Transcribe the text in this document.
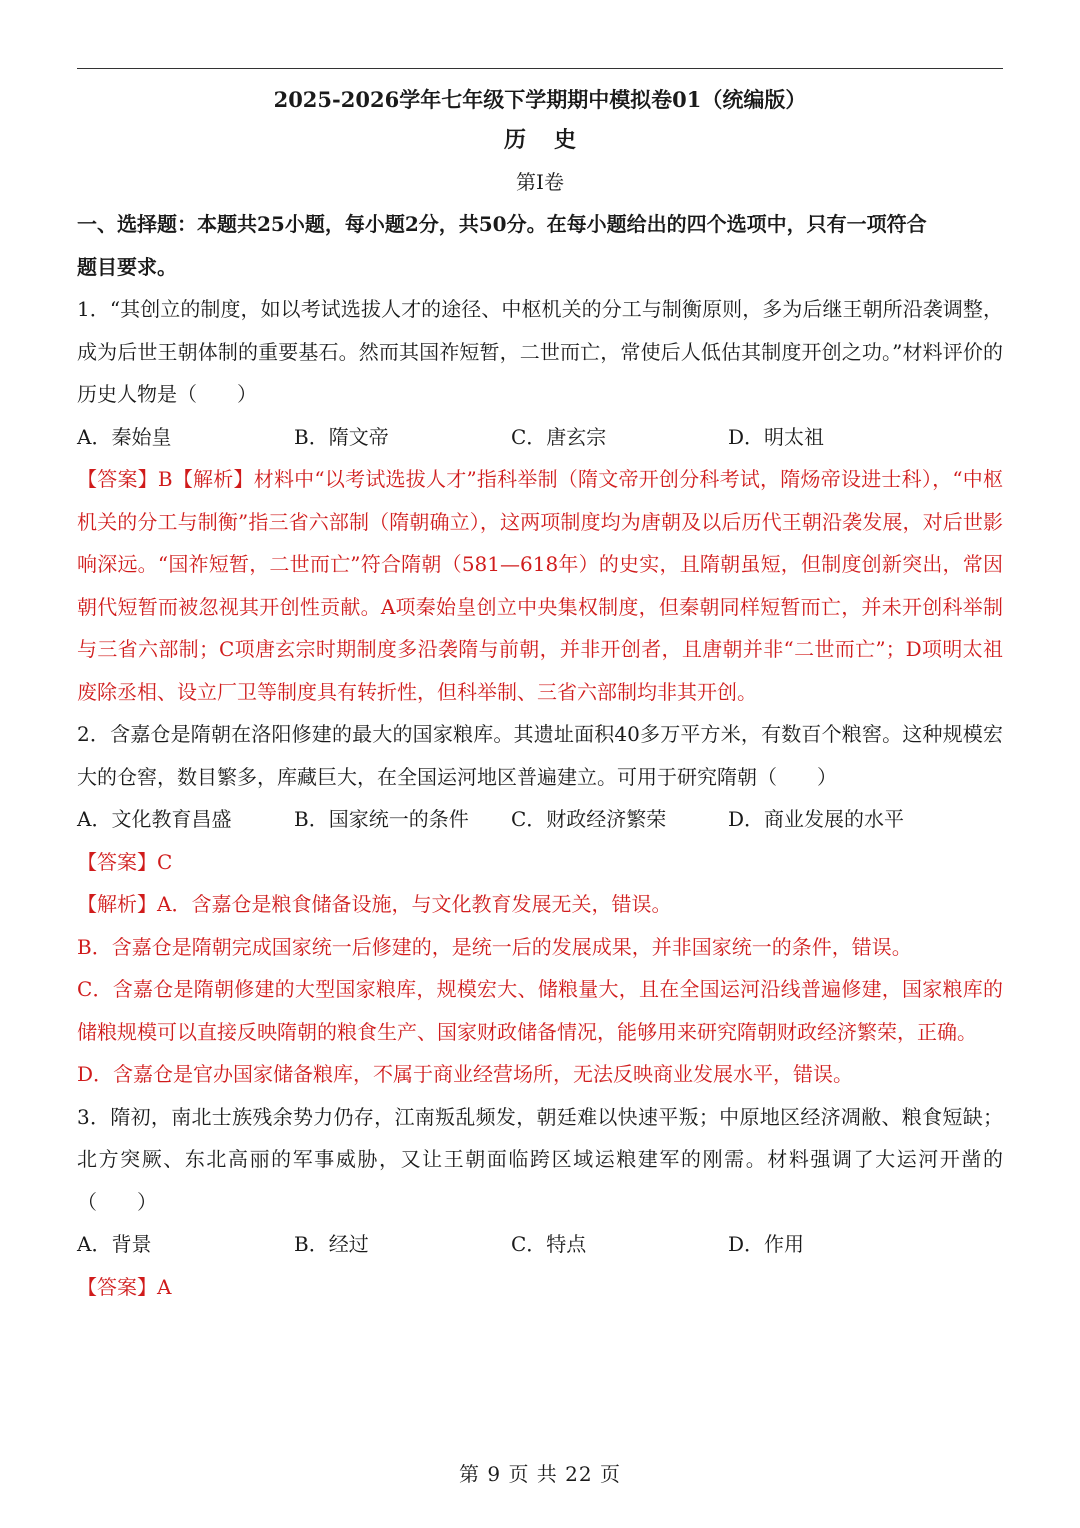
2025-2026学年七年级下学期期中模拟卷01（统编版）
历史
第Ⅰ卷

一、选择题：本题共25小题，每小题2分，共50分。在每小题给出的四个选项中，只有一项符合

题目要求。

1．“其创立的制度，如以考试选拔人才的途径、中枢机关的分工与制衡原则，多为后继王朝所沿袭调整，成为后世王朝体制的重要基石。然而其国祚短暂，二世而亡，常使后人低估其制度开创之功。”材料评价的历史人物是（　　）

A．秦始皇	B．隋文帝	C．唐玄宗	D．明太祖

【答案】B【解析】材料中“以考试选拔人才”指科举制（隋文帝开创分科考试，隋炀帝设进士科），“中枢机关的分工与制衡”指三省六部制（隋朝确立），这两项制度均为唐朝及以后历代王朝沿袭发展，对后世影响深远。“国祚短暂，二世而亡”符合隋朝（581—618年）的史实，且隋朝虽短，但制度创新突出，常因朝代短暂而被忽视其开创性贡献。A项秦始皇创立中央集权制度，但秦朝同样短暂而亡，并未开创科举制与三省六部制；C项唐玄宗时期制度多沿袭隋与前朝，并非开创者，且唐朝并非“二世而亡”；D项明太祖废除丞相、设立厂卫等制度具有转折性，但科举制、三省六部制均非其开创。

2．含嘉仓是隋朝在洛阳修建的最大的国家粮库。其遗址面积40多万平方米，有数百个粮窖。这种规模宏大的仓窖，数目繁多，库藏巨大，在全国运河地区普遍建立。可用于研究隋朝（　　）

A．文化教育昌盛	B．国家统一的条件	C．财政经济繁荣	D．商业发展的水平

【答案】C

【解析】A．含嘉仓是粮食储备设施，与文化教育发展无关，错误。

B．含嘉仓是隋朝完成国家统一后修建的，是统一后的发展成果，并非国家统一的条件，错误。

C．含嘉仓是隋朝修建的大型国家粮库，规模宏大、储粮量大，且在全国运河沿线普遍修建，国家粮库的储粮规模可以直接反映隋朝的粮食生产、国家财政储备情况，能够用来研究隋朝财政经济繁荣，正确。

D．含嘉仓是官办国家储备粮库，不属于商业经营场所，无法反映商业发展水平，错误。

3．隋初，南北士族残余势力仍存，江南叛乱频发，朝廷难以快速平叛；中原地区经济凋敝、粮食短缺；北方突厥、东北高丽的军事威胁，又让王朝面临跨区域运粮建军的刚需。材料强调了大运河开凿的（　　）

A．背景	B．经过	C．特点	D．作用

【答案】A

第 9 页 共 22 页
